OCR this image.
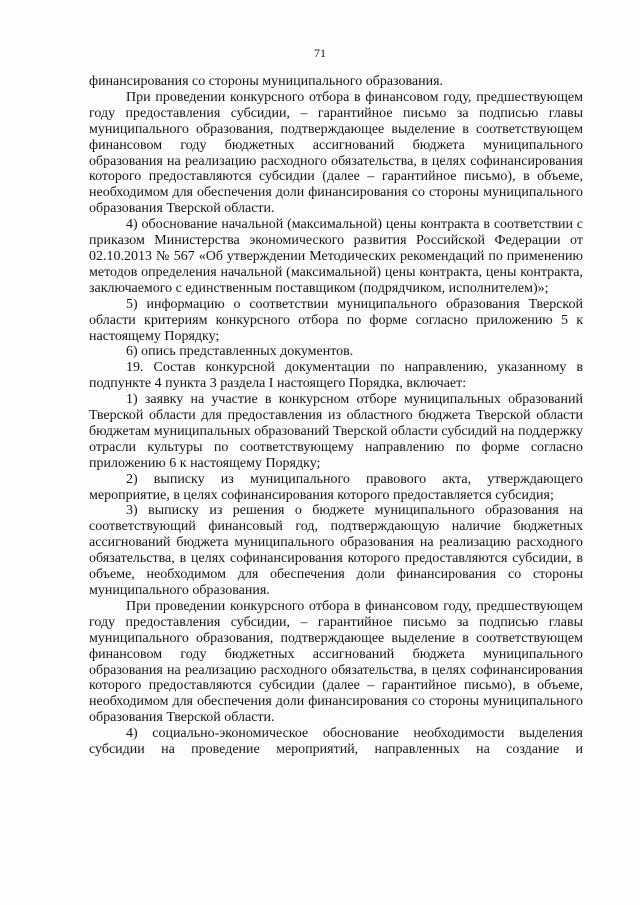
71

финансирования со стороны муниципального образования.

При проведении конкурсного отбора в финансовом году, предшествующем году предоставления субсидии, – гарантийное письмо за подписью главы муниципального образования, подтверждающее выделение в соответствующем финансовом году бюджетных ассигнований бюджета муниципального образования на реализацию расходного обязательства, в целях софинансирования которого предоставляются субсидии (далее – гарантийное письмо), в объеме, необходимом для обеспечения доли финансирования со стороны муниципального образования Тверской области.

4) обоснование начальной (максимальной) цены контракта в соответствии с приказом Министерства экономического развития Российской Федерации от 02.10.2013 № 567 «Об утверждении Методических рекомендаций по применению методов определения начальной (максимальной) цены контракта, цены контракта, заключаемого с единственным поставщиком (подрядчиком, исполнителем)»;

5) информацию о соответствии муниципального образования Тверской области критериям конкурсного отбора по форме согласно приложению 5 к настоящему Порядку;

6) опись представленных документов.

19. Состав конкурсной документации по направлению, указанному в подпункте 4 пункта 3 раздела I настоящего Порядка, включает:

1) заявку на участие в конкурсном отборе муниципальных образований Тверской области для предоставления из областного бюджета Тверской области бюджетам муниципальных образований Тверской области субсидий на поддержку отрасли культуры по соответствующему направлению по форме согласно приложению 6 к настоящему Порядку;

2) выписку из муниципального правового акта, утверждающего мероприятие, в целях софинансирования которого предоставляется субсидия;

3) выписку из решения о бюджете муниципального образования на соответствующий финансовый год, подтверждающую наличие бюджетных ассигнований бюджета муниципального образования на реализацию расходного обязательства, в целях софинансирования которого предоставляются субсидии, в объеме, необходимом для обеспечения доли финансирования со стороны муниципального образования.

При проведении конкурсного отбора в финансовом году, предшествующем году предоставления субсидии, – гарантийное письмо за подписью главы муниципального образования, подтверждающее выделение в соответствующем финансовом году бюджетных ассигнований бюджета муниципального образования на реализацию расходного обязательства, в целях софинансирования которого предоставляются субсидии (далее – гарантийное письмо), в объеме, необходимом для обеспечения доли финансирования со стороны муниципального образования Тверской области.

4) социально-экономическое обоснование необходимости выделения субсидии на проведение мероприятий, направленных на создание и
